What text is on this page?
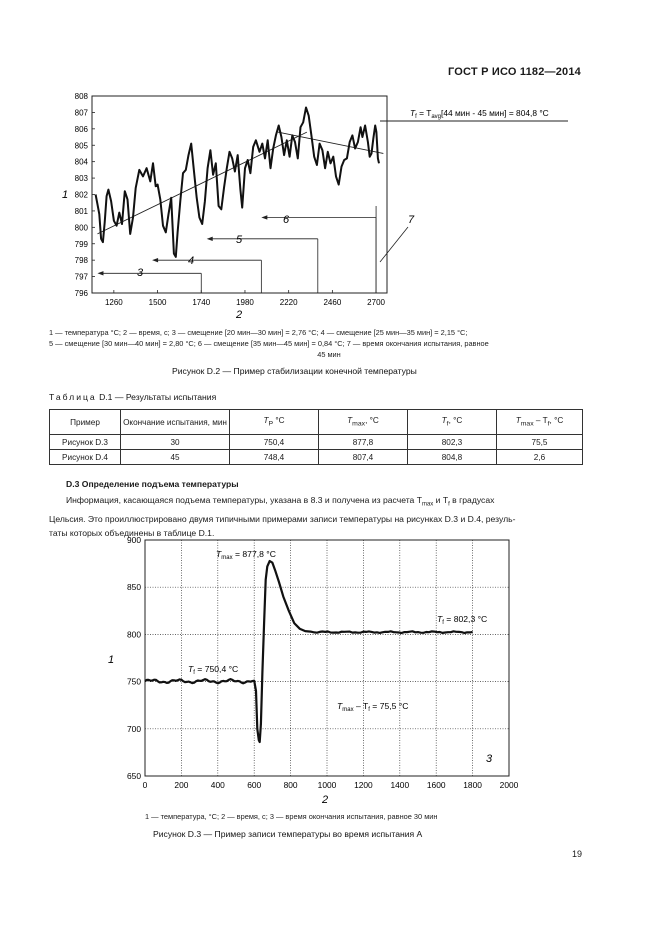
ГОСТ Р ИСО 1182—2014
796
797
798
799
800
801
802
803
804
805
806
807
808
1260	1500	1740	1980	2220	2460	2700
$T_f = T_{avg}[44$ мин - 45 мин] = 804,8 °С
1
2
3
4
5
6	7
1 — температура °С; 2 — время, с; 3 — смещение [20 мин—30 мин] = 2,76 °С; 4 — смещение [25 мин—35 мин] = 2,15 °С;
5 — смещение [30 мин—40 мин] = 2,80 °С; 6 — смещение [35 мин—45 мин] = 0,84 °С; 7 — время окончания испытания, равное
45 мин
Рисунок D.2 — Пример стабилизации конечной температуры
Таблица D.1 — Результаты испытания
Пример	Окончание испытания, мин	$T_P$ °С	$T_{max}$, °С	$T_f$, °С	$T_{max} - T_f$, °С
Рисунок D.3	30	750,4	877,8	802,3	75,5
Рисунок D.4	45	748,4	807,4	804,8	2,6
D.3 Определение подъема температуры
Информация, касающаяся подъема температуры, указана в 8.3 и получена из расчета $T_{max}$ и $T_f$ в градусах
Цельсия. Это проиллюстрировано двумя типичными примерами записи температуры на рисунках D.3 и D.4, резуль-
таты которых объединены в таблице D.1.
650
700
750
800
850
900
0	200	400	600	800 1000 1200 1400 1600 1800 2000
$T_{max} = 877,8$ °С
$T_f = 802,3$ °С
$T_f = 750,4$ °С
$T_{max} - T_f = 75,5$ °С
1
2
3
1 — температура, °С; 2 — время, с; 3 — время окончания испытания, равное 30 мин
Рисунок D.3 — Пример записи температуры во время испытания А
19
